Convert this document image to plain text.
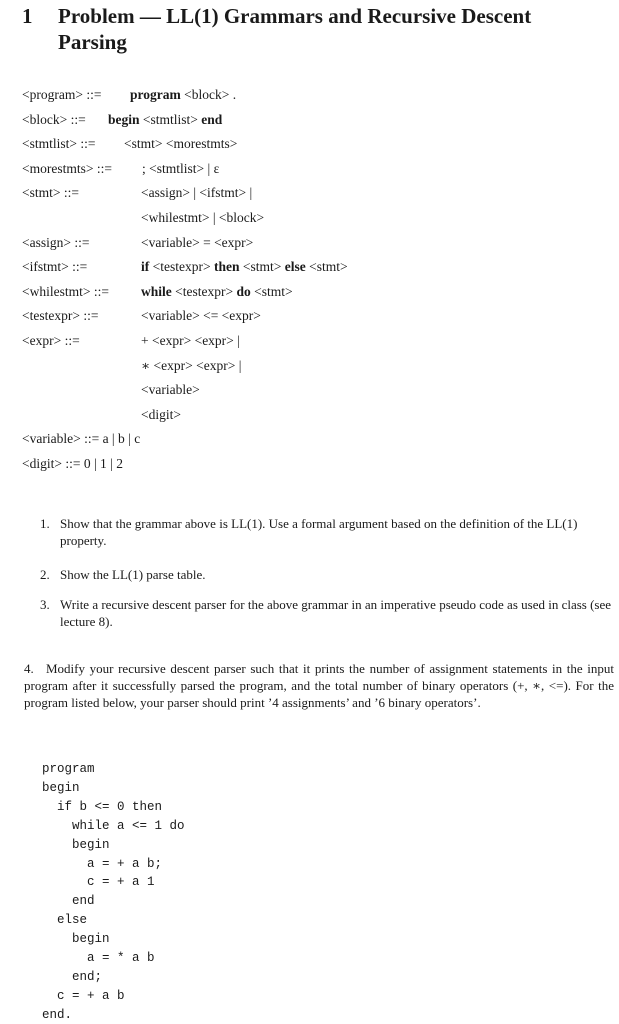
1 Problem — LL(1) Grammars and Recursive Descent
Parsing
<program> ::= program <block> .
<block> ::= begin <stmtlist> end
<stmtlist> ::= <stmt> <morestmts>
<morestmts> ::= ; <stmtlist> | ε
<stmt> ::=	<assign> | <ifstmt> |
<whilestmt> | <block>
<assign> ::=	<variable> = <expr>
<ifstmt> ::=	if <testexpr> then <stmt> else <stmt>
<whilestmt> ::= while <testexpr> do <stmt>
<testexpr> ::=	<variable> <= <expr>
<expr> ::=	+ <expr> <expr> |
∗ <expr> <expr> |
<variable>
<digit>
<variable> ::= a | b | c
<digit> ::= 0 | 1 | 2
1. Show that the grammar above is LL(1). Use a formal argument based on the definition of the LL(1) property.
2. Show the LL(1) parse table.
3. Write a recursive descent parser for the above grammar in an imperative pseudo code as used in class (see lecture 8).
4. Modify your recursive descent parser such that it prints the number of assignment statements in the input program after it successfully parsed the program, and the total number of binary operators (+, ∗, <=). For the program listed below, your parser should print ’4 assignments’ and ’6 binary operators’.
program
begin
if b <= 0 then
while a <= 1 do
begin
a = + a b;
c = + a 1
end
else
begin
a = * a b
end;
c = + a b
end.
